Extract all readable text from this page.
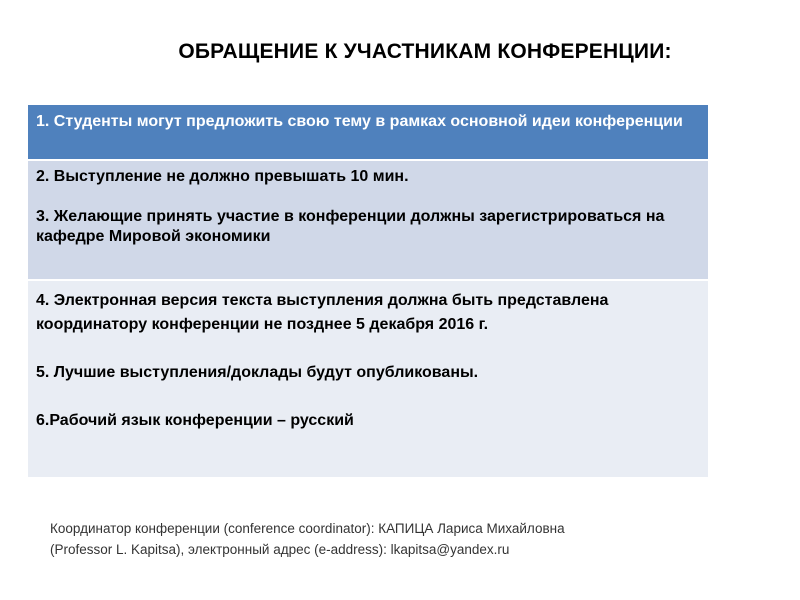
ОБРАЩЕНИЕ К УЧАСТНИКАМ КОНФЕРЕНЦИИ:
1. Студенты могут предложить свою тему в рамках основной идеи конференции
2. Выступление не должно превышать 10 мин.
3. Желающие принять участие в конференции должны зарегистрироваться на кафедре Мировой экономики
4. Электронная версия текста выступления должна быть представлена координатору конференции не позднее 5 декабря 2016 г.
5. Лучшие выступления/доклады будут опубликованы.
6.Рабочий язык конференции – русский
Координатор конференции (conference coordinator): КАПИЦА Лариса Михайловна
(Professor L. Kapitsa), электронный адрес (e-address): lkapitsa@yandex.ru
